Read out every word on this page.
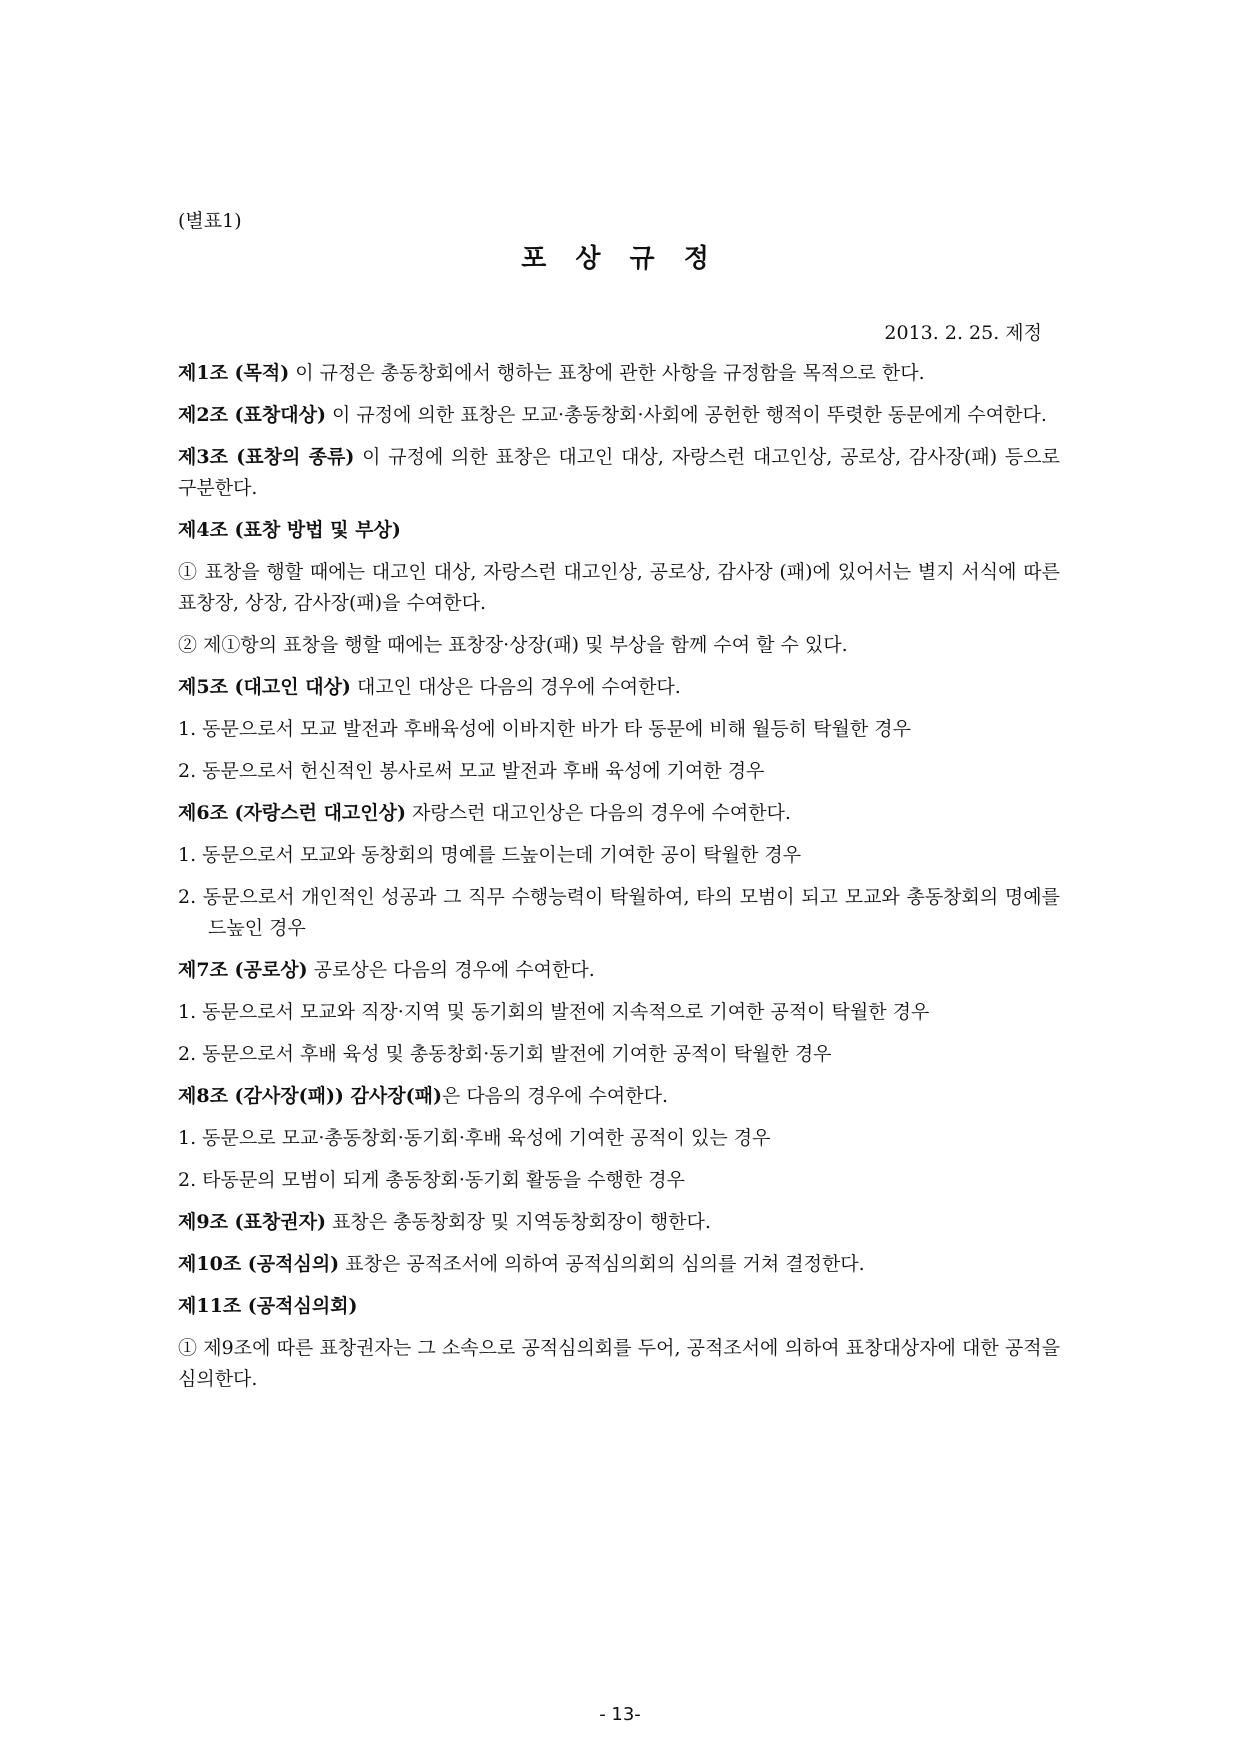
(별표1)
포 상 규 정
2013. 2. 25. 제정

제1조 (목적) 이 규정은 총동창회에서 행하는 표창에 관한 사항을 규정함을 목적으로 한다.

제2조 (표창대상) 이 규정에 의한 표창은 모교·총동창회·사회에 공헌한 행적이 뚜렷한 동문에게 수여한다.

제3조 (표창의 종류) 이 규정에 의한 표창은 대고인 대상, 자랑스런 대고인상, 공로상, 감사장(패) 등으로 구분한다.

제4조 (표창 방법 및 부상)

① 표창을 행할 때에는 대고인 대상, 자랑스런 대고인상, 공로상, 감사장 (패)에 있어서는 별지 서식에 따른 표창장, 상장, 감사장(패)을 수여한다.

② 제①항의 표창을 행할 때에는 표창장·상장(패) 및 부상을 함께 수여 할 수 있다.

제5조 (대고인 대상) 대고인 대상은 다음의 경우에 수여한다.

1. 동문으로서 모교 발전과 후배육성에 이바지한 바가 타 동문에 비해 월등히 탁월한 경우

2. 동문으로서 헌신적인 봉사로써 모교 발전과 후배 육성에 기여한 경우

제6조 (자랑스런 대고인상) 자랑스런 대고인상은 다음의 경우에 수여한다.

1. 동문으로서 모교와 동창회의 명예를 드높이는데 기여한 공이 탁월한 경우

2. 동문으로서 개인적인 성공과 그 직무 수행능력이 탁월하여, 타의 모범이 되고 모교와 총동창회의 명예를 드높인 경우

제7조 (공로상) 공로상은 다음의 경우에 수여한다.

1. 동문으로서 모교와 직장·지역 및 동기회의 발전에 지속적으로 기여한 공적이 탁월한 경우

2. 동문으로서 후배 육성 및 총동창회·동기회 발전에 기여한 공적이 탁월한 경우

제8조 (감사장(패)) 감사장(패)은 다음의 경우에 수여한다.

1. 동문으로 모교·총동창회·동기회·후배 육성에 기여한 공적이 있는 경우

2. 타동문의 모범이 되게 총동창회·동기회 활동을 수행한 경우

제9조 (표창권자) 표창은 총동창회장 및 지역동창회장이 행한다.

제10조 (공적심의) 표창은 공적조서에 의하여 공적심의회의 심의를 거쳐 결정한다.

제11조 (공적심의회)

① 제9조에 따른 표창권자는 그 소속으로 공적심의회를 두어, 공적조서에 의하여 표창대상자에 대한 공적을 심의한다.

- 13-
